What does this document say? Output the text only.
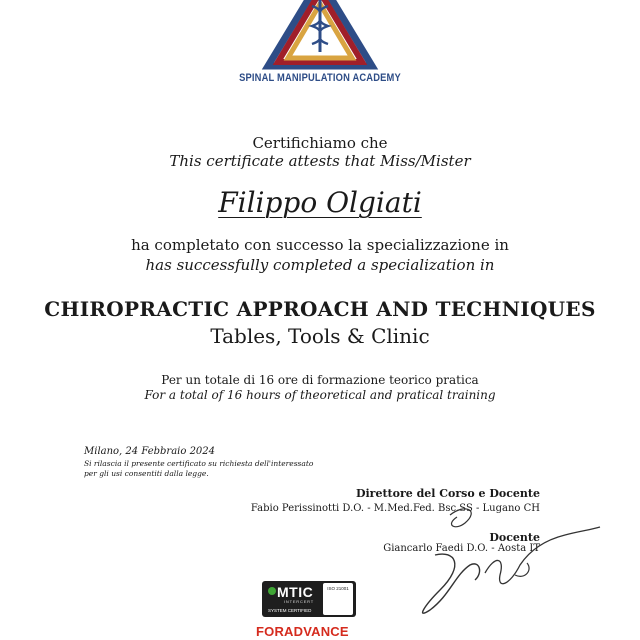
SPINAL MANIPULATION ACADEMY
Certifichiamo che
This certificate attests that Miss/Mister
Filippo Olgiati
ha completato con successo la specializzazione in
has successfully completed a specialization in
CHIROPRACTIC APPROACH AND TECHNIQUES
Tables, Tools & Clinic
Per un totale di 16 ore di formazione teorico pratica
For a total of 16 hours of theoretical and pratical training
Milano, 24 Febbraio 2024
Si rilascia il presente certificato su richiesta dell'interessato
per gli usi consentiti dalla legge.
Direttore del Corso e Docente
Fabio Perissinotti D.O. - M.Med.Fed. Bsc.SS - Lugano CH
Docente
Giancarlo Faedi D.O. - Aosta IT
MTIC
INTERCERT
SYSTEM CERTIFIED
ISO 21001
FORADVANCE
